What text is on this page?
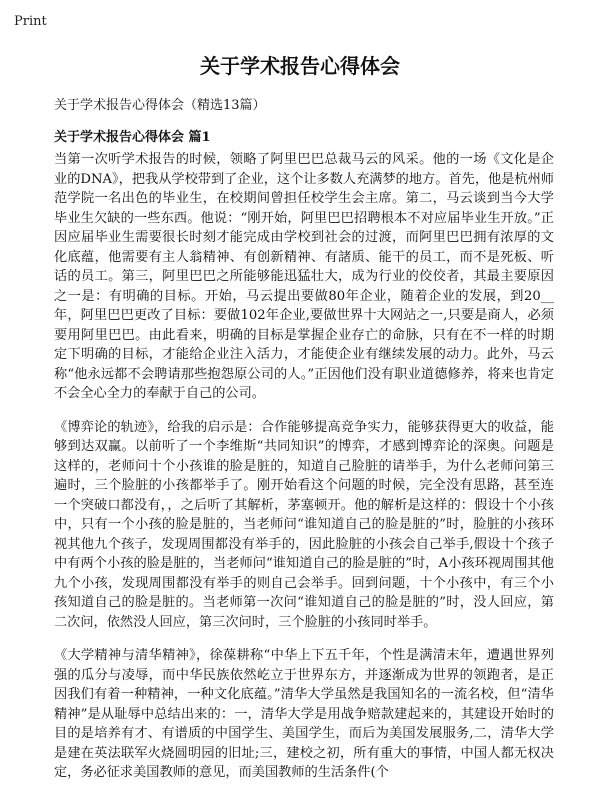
Print
关于学术报告心得体会

关于学术报告心得体会（精选13篇）

关于学术报告心得体会 篇1

当第一次听学术报告的时候，领略了阿里巴巴总裁马云的风采。他的一场《文化是企业的DNA》，把我从学校带到了企业，这个让多数人充满梦的地方。首先，他是杭州师范学院一名出色的毕业生，在校期间曾担任校学生会主席。第二，马云谈到当今大学毕业生欠缺的一些东西。他说：“刚开始，阿里巴巴招聘根本不对应届毕业生开放。”正因应届毕业生需要很长时刻才能完成由学校到社会的过渡，而阿里巴巴拥有浓厚的文化底蕴，他需要有主人翁精神、有创新精神、有諸质、能干的员工，而不是死板、听话的员工。第三，阿里巴巴之所能够能迅猛壮大，成为行业的佼佼者，其最主要原因之一是：有明确的目标。开始，马云提出要做80年企业，随着企业的发展，到20__年，阿里巴巴更改了目标：要做102年企业,要做世界十大网站之一,只要是商人，必须要用阿里巴巴。由此看来，明确的目标是掌握企业存亡的命脉，只有在不一样的时期定下明确的目标，才能给企业注入活力，才能使企业有继续发展的动力。此外，马云称“他永远都不会聘请那些抱怨原公司的人。”正因他们没有职业道德修养，将来也肯定不会全心全力的奉献于自己的公司。

《博弈论的轨迹》，给我的启示是：合作能够提高竞争实力，能够获得更大的收益，能够到达双赢。以前听了一个李维斯“共同知识”的博弈，才感到博弈论的深奥。问题是这样的，老师问十个小孩谁的脸是脏的，知道自己脸脏的请举手，为什么老师问第三遍时，三个脸脏的小孩都举手了。刚开始看这个问题的时候，完全没有思路，甚至连一个突破口都没有，，之后听了其解析，茅塞顿开。他的解析是这样的：假设十个小孩中，只有一个小孩的脸是脏的，当老师问“谁知道自己的脸是脏的”时，脸脏的小孩环视其他九个孩子，发现周围都没有举手的，因此脸脏的小孩会自己举手,假设十个孩子中有两个小孩的脸是脏的，当老师问“谁知道自己的脸是脏的”时，A小孩环视周围其他九个小孩，发现周围都没有举手的则自己会举手。回到问题，十个小孩中，有三个小孩知道自己的脸是脏的。当老师第一次问“谁知道自己的脸是脏的”时，没人回应，第二次问，依然没人回应，第三次问时，三个脸脏的小孩同时举手。

《大学精神与清华精神》，徐葆耕称“中华上下五千年，个性是满清末年，遭遇世界列强的瓜分与凌辱，而中华民族依然屹立于世界东方，并逐渐成为世界的领跑者，是正因我们有着一种精神，一种文化底蕴。”清华大学虽然是我国知名的一流名校，但“清华精神”是从耻辱中总结出来的：一，清华大学是用战争赔款建起来的，其建设开始时的目的是培养有才、有谱质的中国学生、美国学生，而后为美国发展服务,二，清华大学是建在英法联军火烧圆明园的旧址;三，建校之初，所有重大的事情，中国人都无权决定，务必征求美国教师的意见，而美国教师的生活条件(个
